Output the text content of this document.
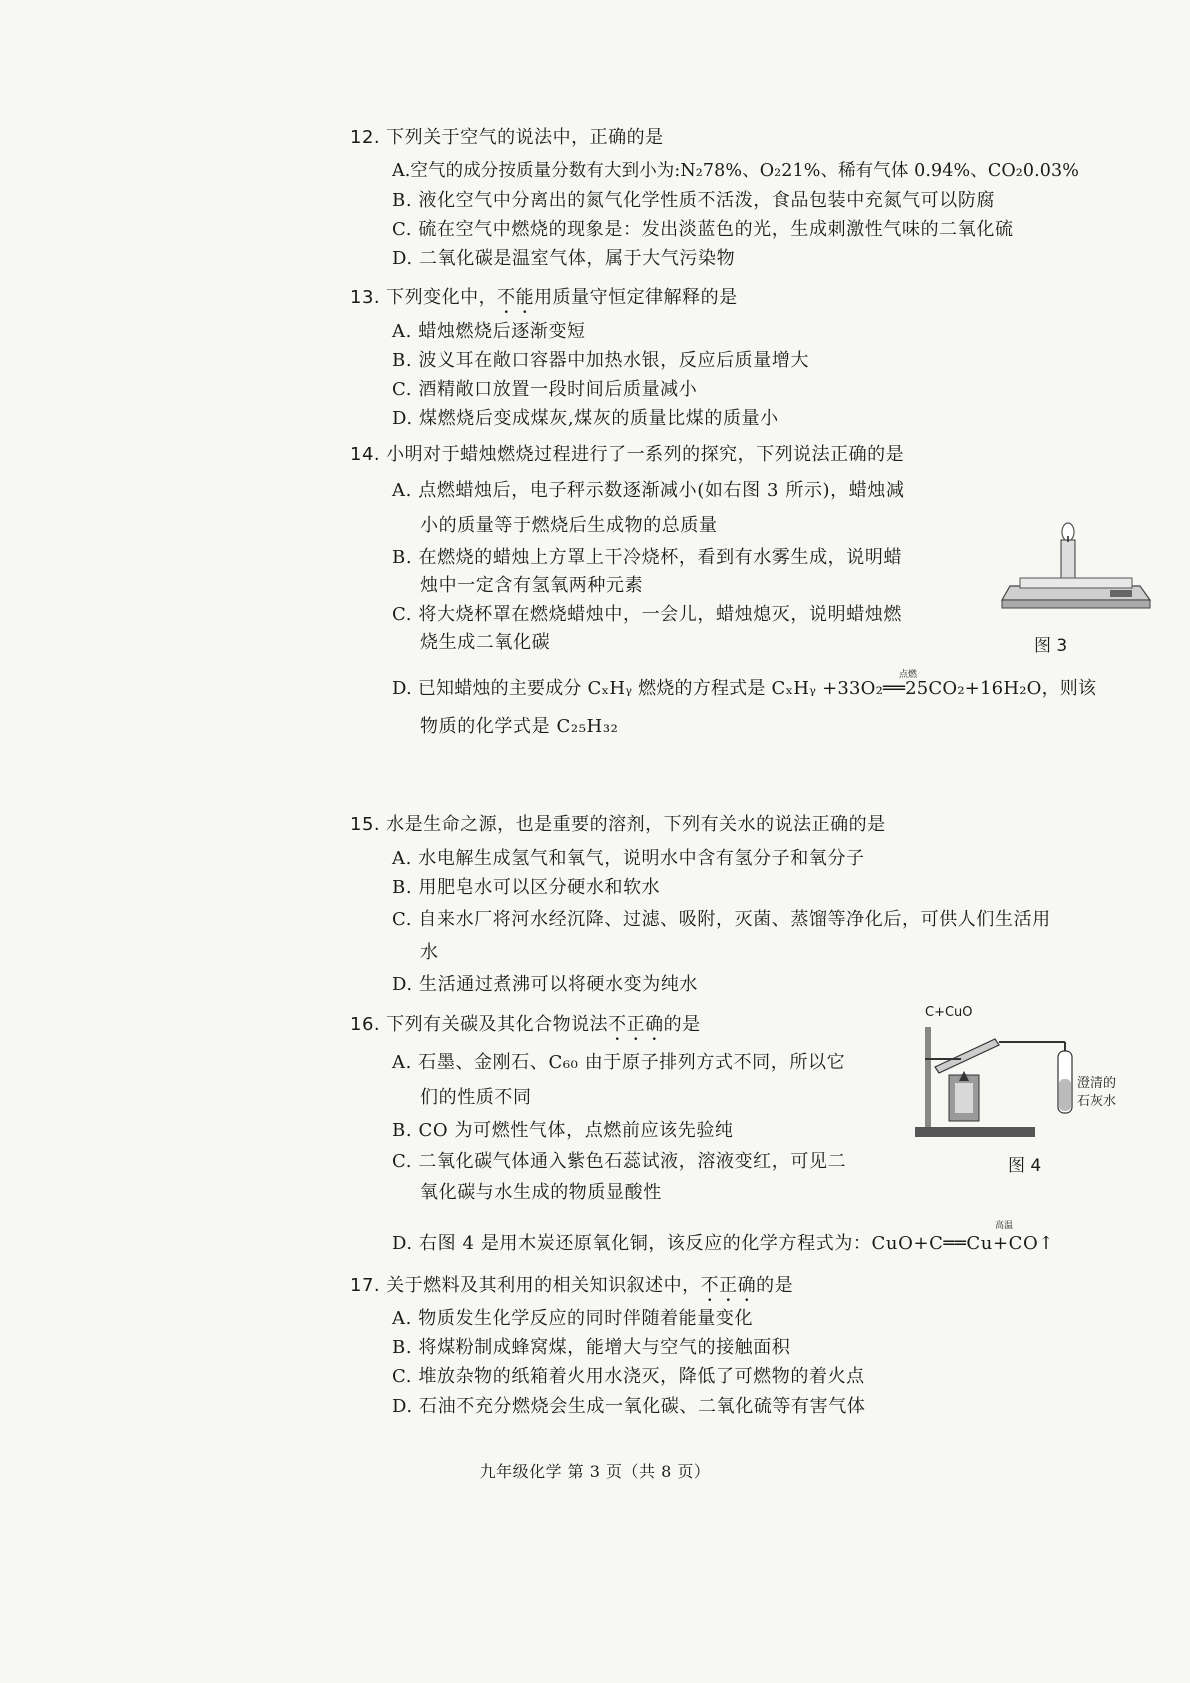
12. 下列关于空气的说法中，正确的是
A.空气的成分按质量分数有大到小为:N₂78%、O₂21%、稀有气体 0.94%、CO₂0.03%
B. 液化空气中分离出的氮气化学性质不活泼，食品包装中充氮气可以防腐
C. 硫在空气中燃烧的现象是：发出淡蓝色的光，生成刺激性气味的二氧化硫
D. 二氧化碳是温室气体，属于大气污染物
13. 下列变化中，不能用质量守恒定律解释的是
A. 蜡烛燃烧后逐渐变短
B. 波义耳在敞口容器中加热水银，反应后质量增大
C. 酒精敞口放置一段时间后质量减小
D. 煤燃烧后变成煤灰,煤灰的质量比煤的质量小
14. 小明对于蜡烛燃烧过程进行了一系列的探究，下列说法正确的是
A. 点燃蜡烛后，电子秤示数逐渐减小(如右图 3 所示)，蜡烛减
小的质量等于燃烧后生成物的总质量
B. 在燃烧的蜡烛上方罩上干冷烧杯，看到有水雾生成，说明蜡
烛中一定含有氢氧两种元素
C. 将大烧杯罩在燃烧蜡烛中，一会儿，蜡烛熄灭，说明蜡烛燃
烧生成二氧化碳
点燃
D. 已知蜡烛的主要成分 CₓHᵧ 燃烧的方程式是 CₓHᵧ +33O₂══25CO₂+16H₂O，则该
物质的化学式是 C₂₅H₃₂
图 3
15. 水是生命之源，也是重要的溶剂，下列有关水的说法正确的是
A. 水电解生成氢气和氧气，说明水中含有氢分子和氧分子
B. 用肥皂水可以区分硬水和软水
C. 自来水厂将河水经沉降、过滤、吸附，灭菌、蒸馏等净化后，可供人们生活用
水
D. 生活通过煮沸可以将硬水变为纯水
16. 下列有关碳及其化合物说法不正确的是
A. 石墨、金刚石、C₆₀ 由于原子排列方式不同，所以它
们的性质不同
B. CO 为可燃性气体，点燃前应该先验纯
C. 二氧化碳气体通入紫色石蕊试液，溶液变红，可见二
氧化碳与水生成的物质显酸性
高温
D. 右图 4 是用木炭还原氧化铜，该反应的化学方程式为：CuO+C══Cu+CO↑
C+CuO
澄清的
石灰水
图 4
17. 关于燃料及其利用的相关知识叙述中，不正确的是
A. 物质发生化学反应的同时伴随着能量变化
B. 将煤粉制成蜂窝煤，能增大与空气的接触面积
C. 堆放杂物的纸箱着火用水浇灭，降低了可燃物的着火点
D. 石油不充分燃烧会生成一氧化碳、二氧化硫等有害气体
九年级化学 第 3 页（共 8 页）
